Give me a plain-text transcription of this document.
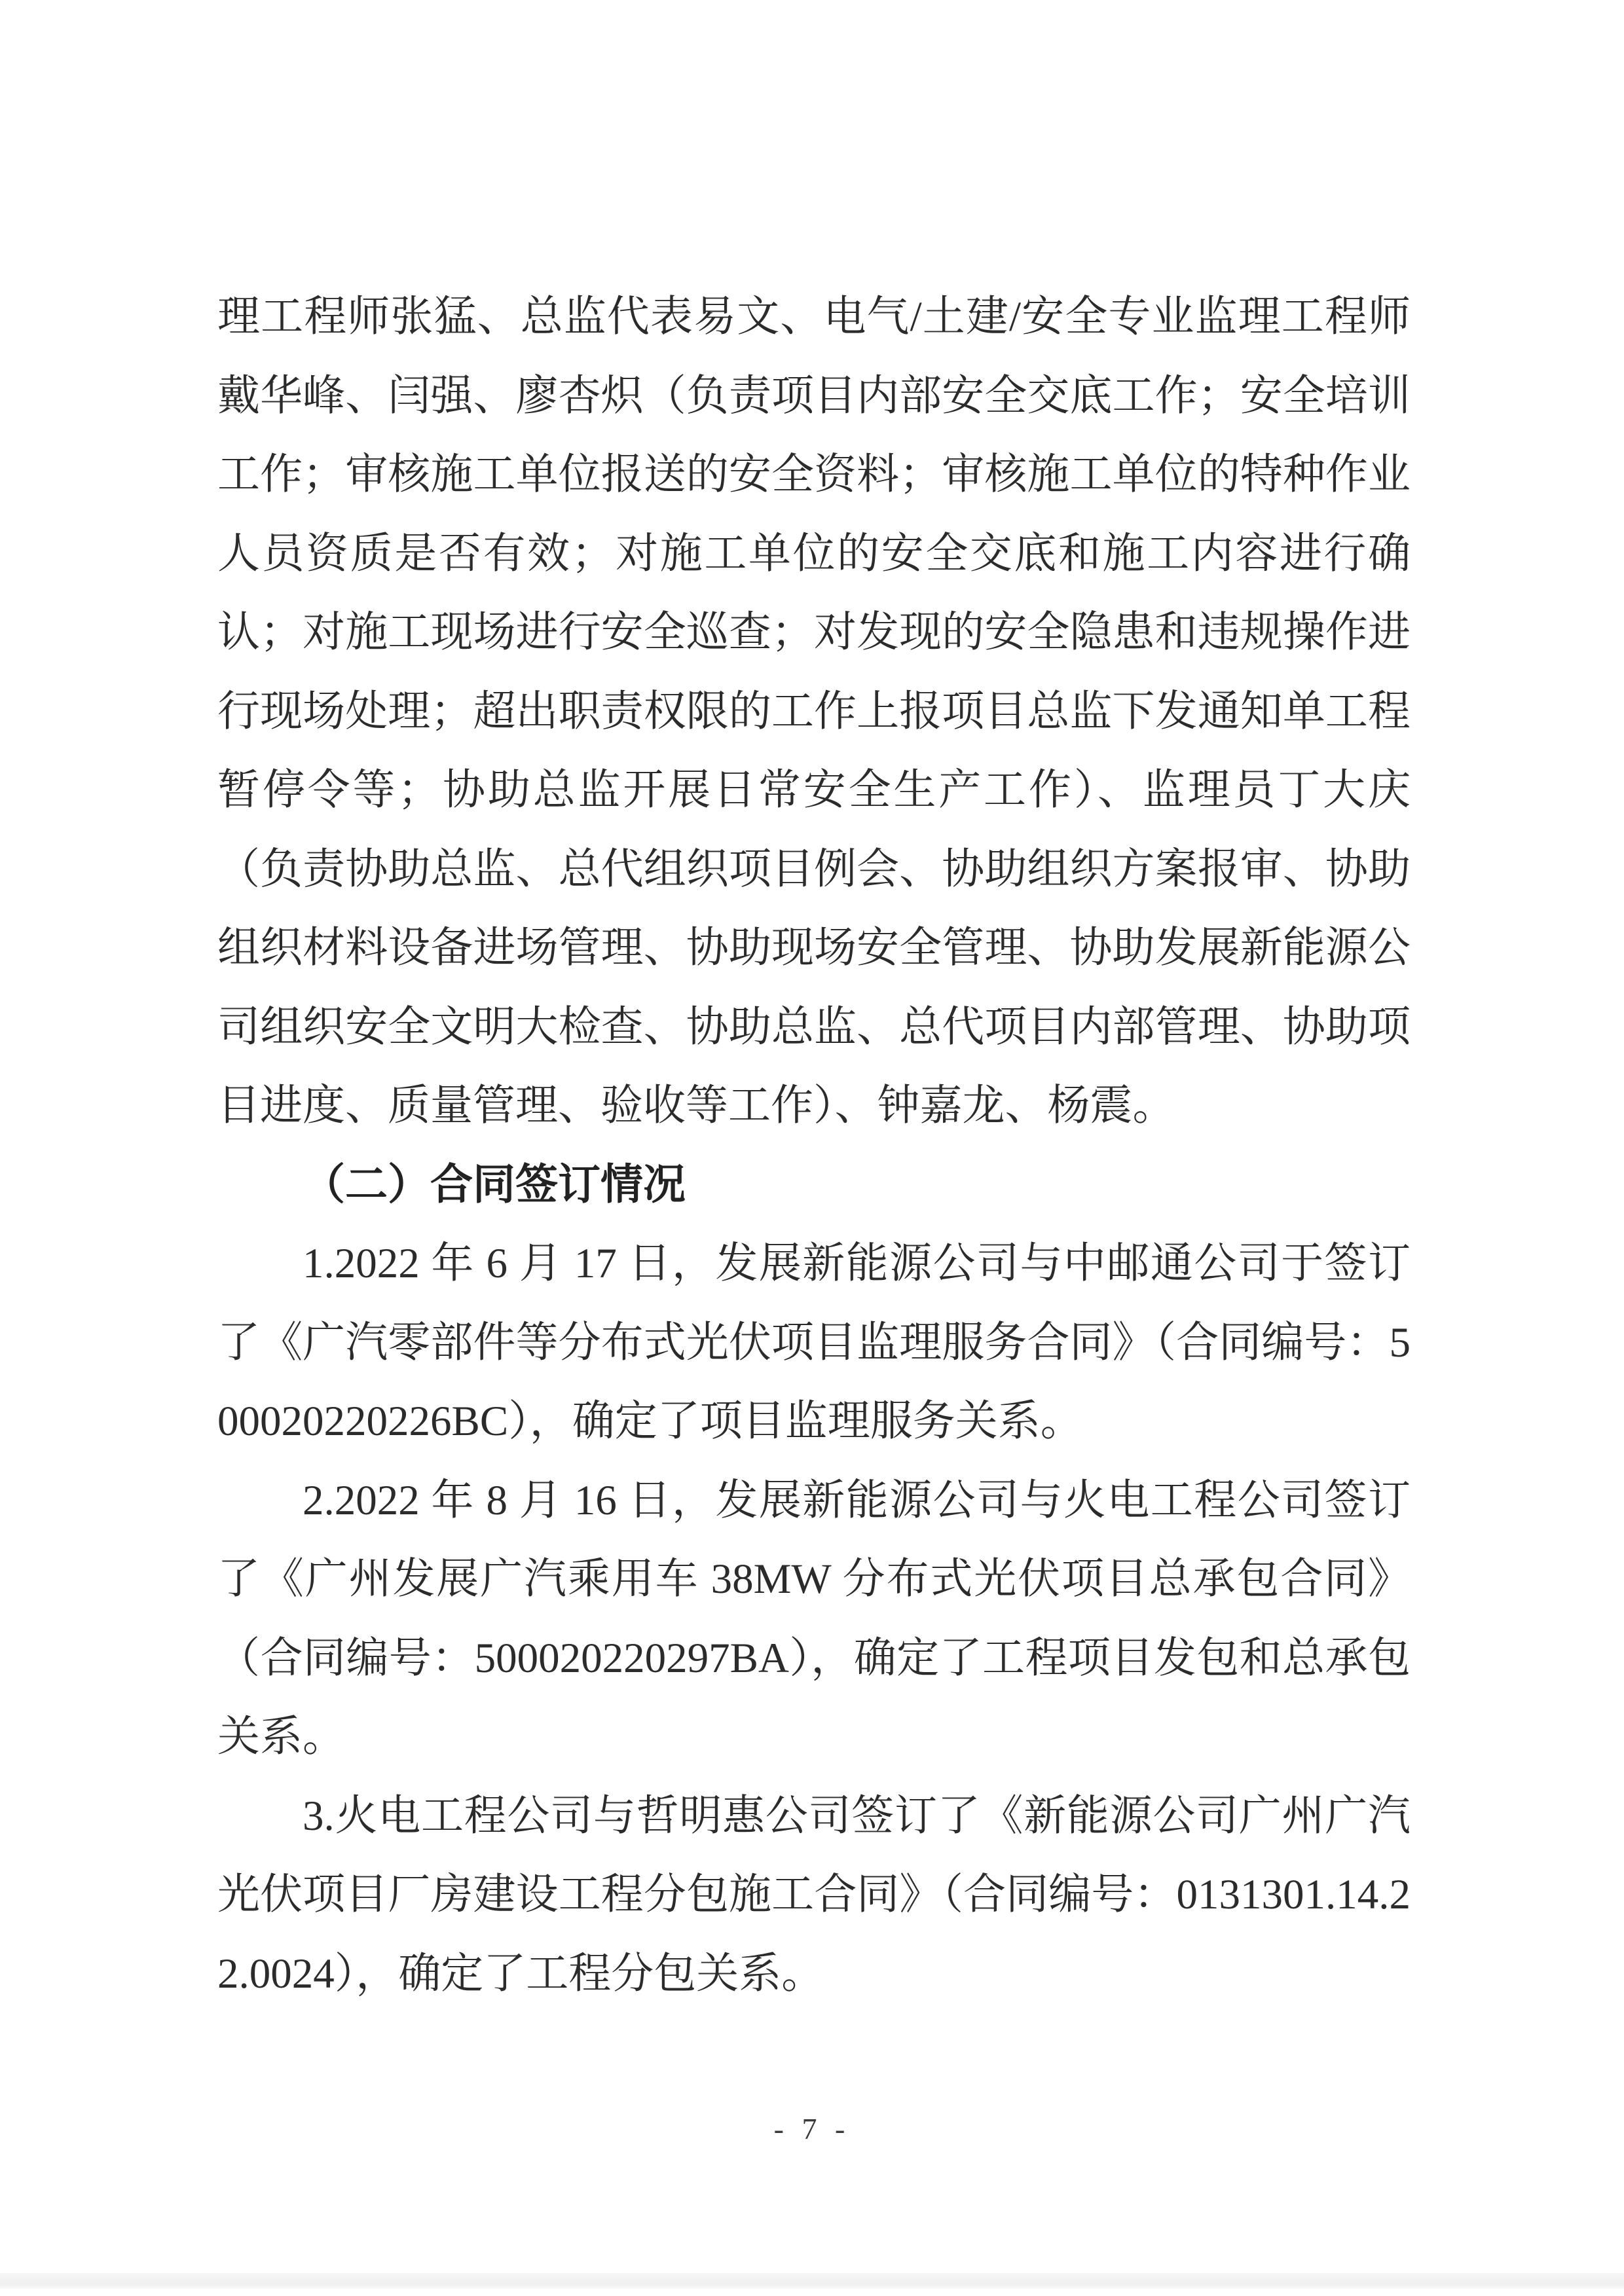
理工程师张猛、总监代表易文、电气/土建/安全专业监理工程师戴华峰、闫强、廖杏炽（负责项目内部安全交底工作；安全培训工作；审核施工单位报送的安全资料；审核施工单位的特种作业人员资质是否有效；对施工单位的安全交底和施工内容进行确认；对施工现场进行安全巡查；对发现的安全隐患和违规操作进行现场处理；超出职责权限的工作上报项目总监下发通知单工程暂停令等；协助总监开展日常安全生产工作）、监理员丁大庆（负责协助总监、总代组织项目例会、协助组织方案报审、协助组织材料设备进场管理、协助现场安全管理、协助发展新能源公司组织安全文明大检查、协助总监、总代项目内部管理、协助项目进度、质量管理、验收等工作）、钟嘉龙、杨震。

（二）合同签订情况

1.2022 年 6 月 17 日，发展新能源公司与中邮通公司于签订了《广汽零部件等分布式光伏项目监理服务合同》（合同编号：500020220226BC），确定了项目监理服务关系。

2.2022 年 8 月 16 日，发展新能源公司与火电工程公司签订了《广州发展广汽乘用车 38MW 分布式光伏项目总承包合同》（合同编号：500020220297BA），确定了工程项目发包和总承包关系。

3.火电工程公司与哲明惠公司签订了《新能源公司广州广汽光伏项目厂房建设工程分包施工合同》（合同编号：0131301.14.22.0024），确定了工程分包关系。

- 7 -
